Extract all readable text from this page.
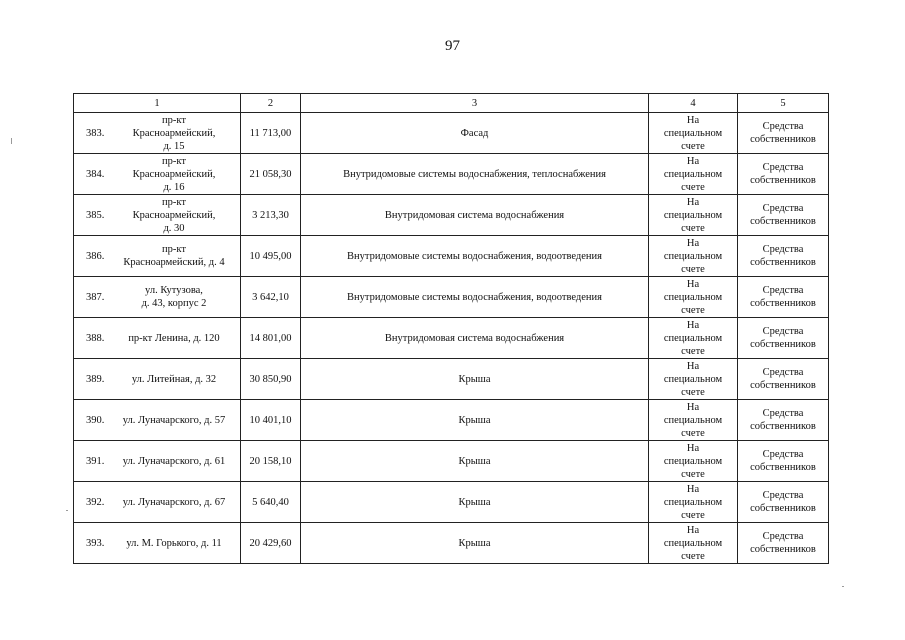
97
1	2	3	4	5

383.
пр-кт
Красноармейский,
д. 15	11 713,00	Фасад	На
специальном
счете	Средства
собственников

384.
пр-кт
Красноармейский,
д. 16	21 058,30	Внутридомовые системы водоснабжения, теплоснабжения	На
специальном
счете	Средства
собственников

385.
пр-кт
Красноармейский,
д. 30	3 213,30	Внутридомовая система водоснабжения	На
специальном
счете	Средства
собственников

386.
пр-кт
Красноармейский, д. 4	10 495,00	Внутридомовые системы водоснабжения, водоотведения	На
специальном
счете	Средства
собственников

387.
ул. Кутузова,
д. 43, корпус 2	3 642,10	Внутридомовые системы водоснабжения, водоотведения	На
специальном
счете	Средства
собственников

388. пр-кт Ленина, д. 120	14 801,00	Внутридомовая система водоснабжения	На
специальном
счете	Средства
собственников

389. ул. Литейная, д. 32	30 850,90	Крыша	На
специальном
счете	Средства
собственников

390. ул. Луначарского, д. 57	10 401,10	Крыша	На
специальном
счете	Средства
собственников

391. ул. Луначарского, д. 61	20 158,10	Крыша	На
специальном
счете	Средства
собственников

392. ул. Луначарского, д. 67	5 640,40	Крыша	На
специальном
счете	Средства
собственников

393. ул. М. Горького, д. 11	20 429,60	Крыша	На
специальном
счете	Средства
собственников
